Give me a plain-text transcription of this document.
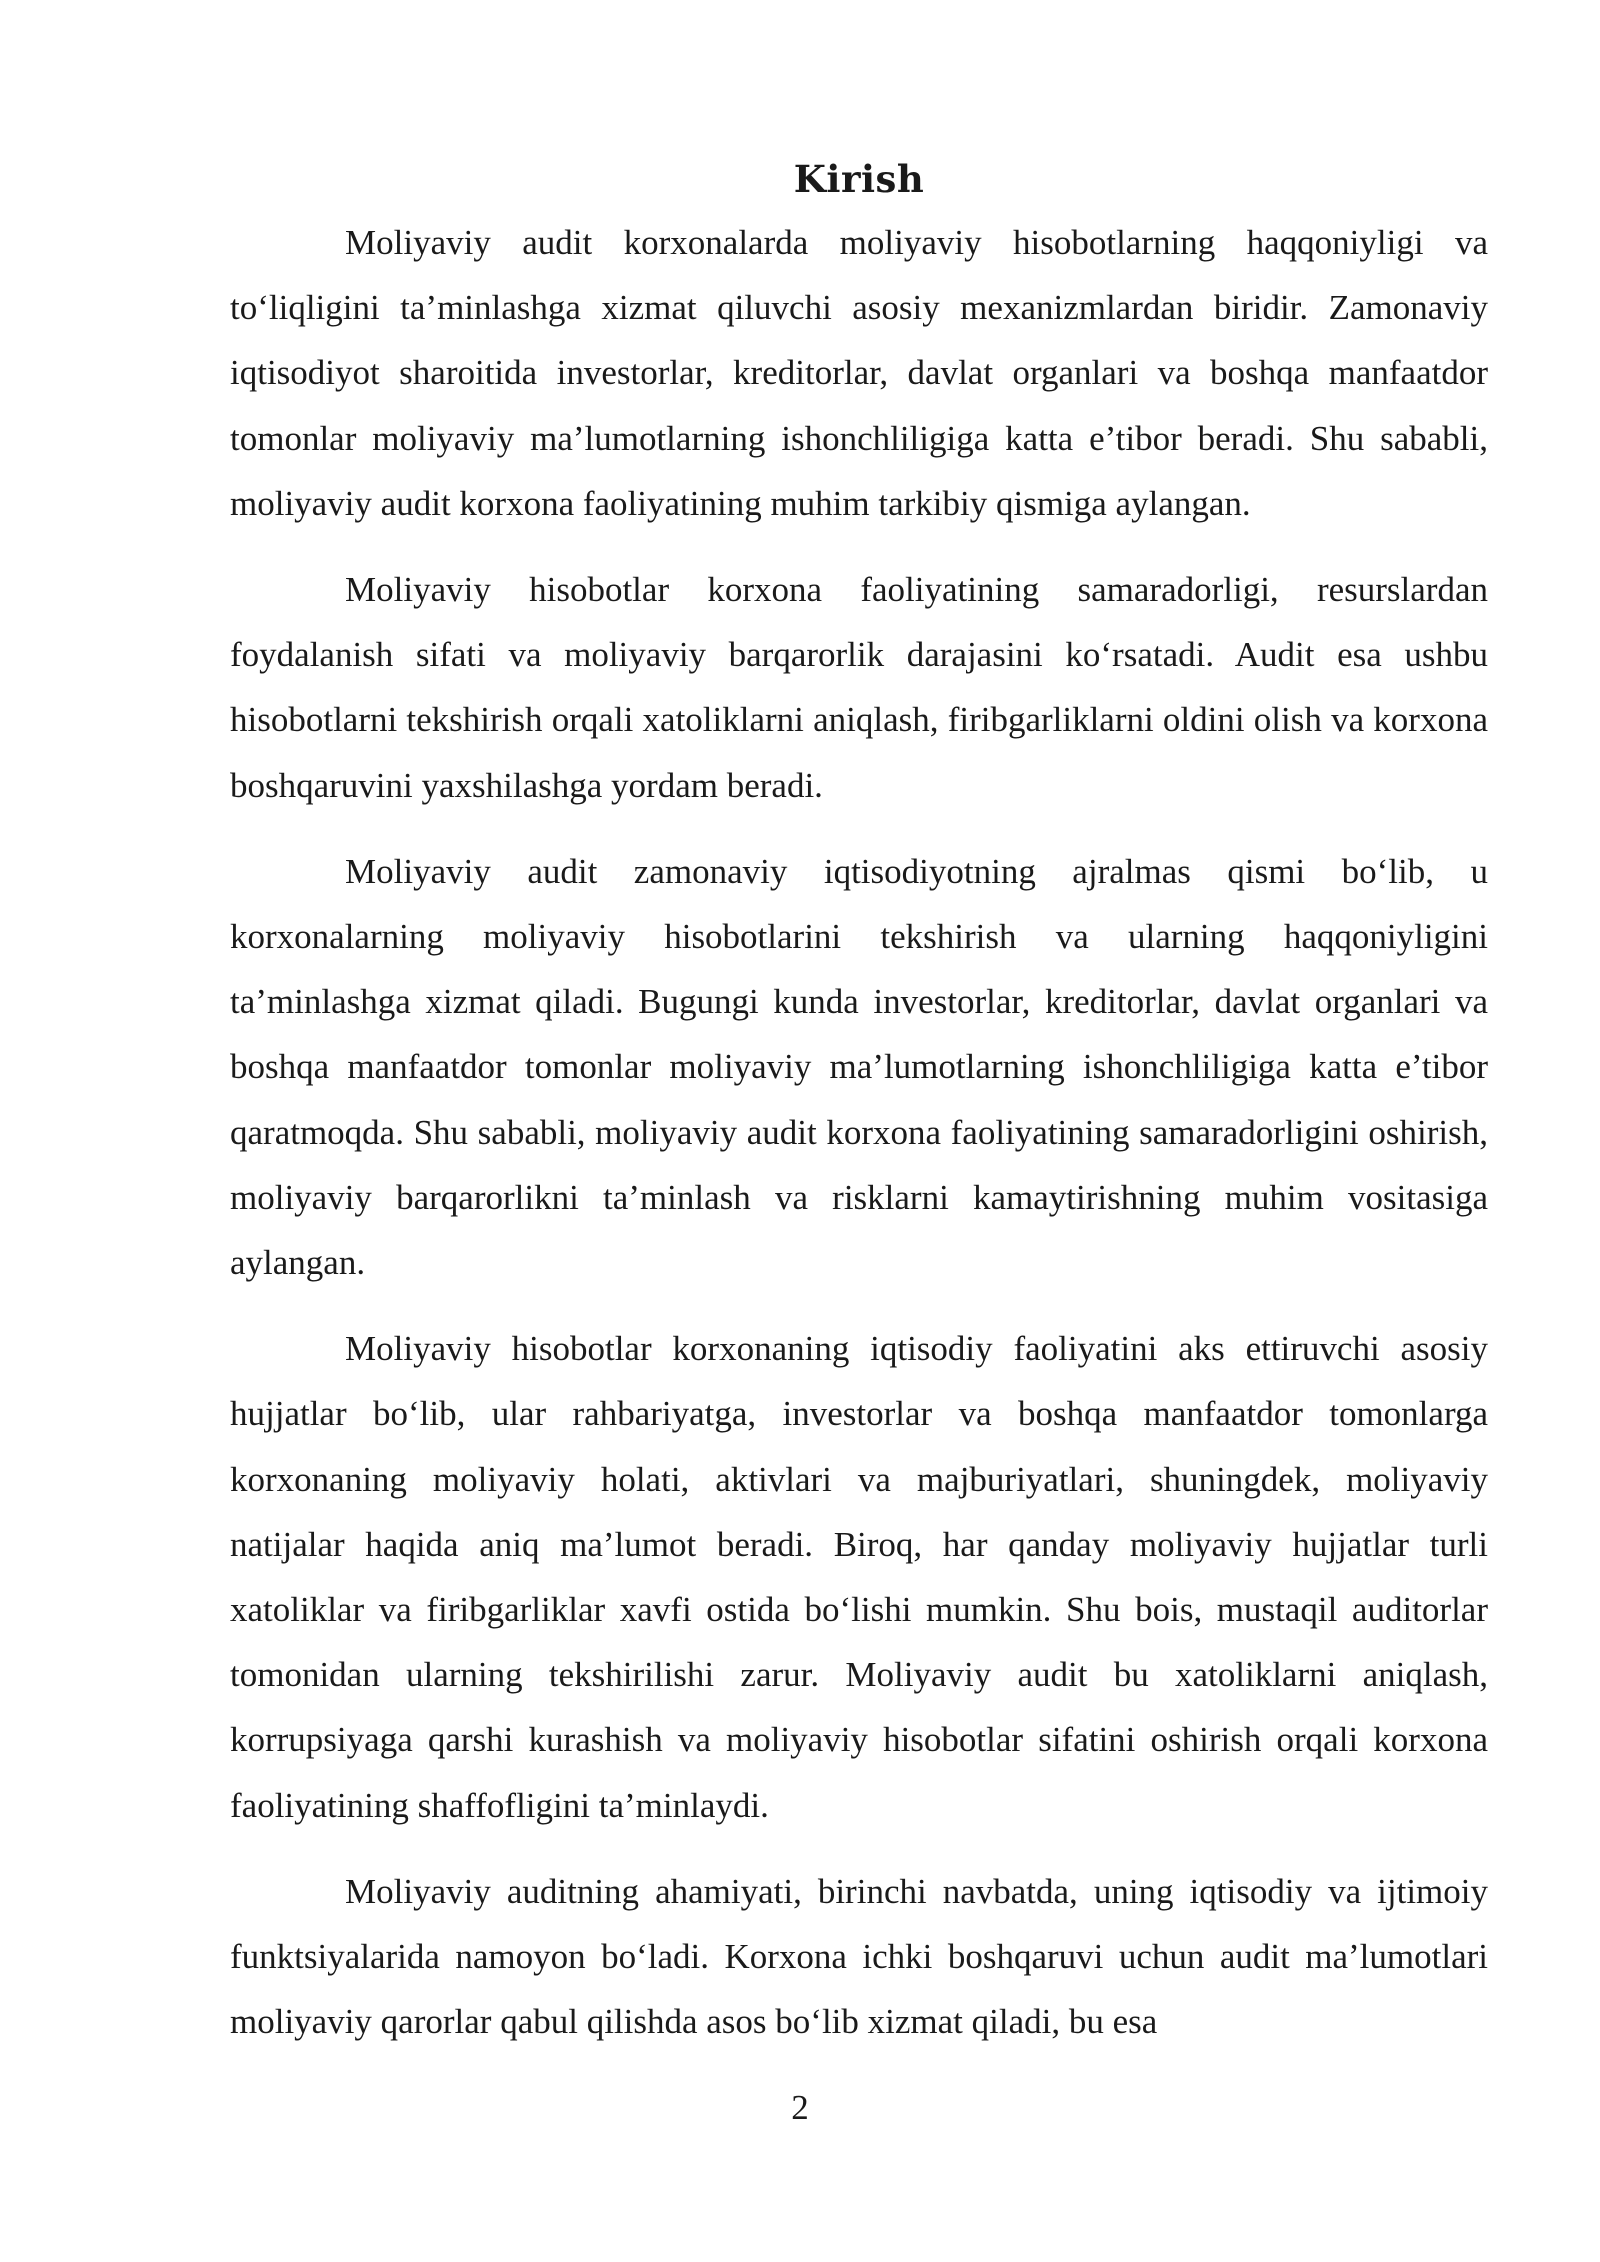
Kirish

Moliyaviy audit korxonalarda moliyaviy hisobotlarning haqqoniyligi va to‘liqligini ta’minlashga xizmat qiluvchi asosiy mexanizmlardan biridir. Zamonaviy iqtisodiyot sharoitida investorlar, kreditorlar, davlat organlari va boshqa manfaatdor tomonlar moliyaviy ma’lumotlarning ishonchliligiga katta e’tibor beradi. Shu sababli, moliyaviy audit korxona faoliyatining muhim tarkibiy qismiga aylangan.

Moliyaviy hisobotlar korxona faoliyatining samaradorligi, resurslardan foydalanish sifati va moliyaviy barqarorlik darajasini ko‘rsatadi. Audit esa ushbu hisobotlarni tekshirish orqali xatoliklarni aniqlash, firibgarliklarni oldini olish va korxona boshqaruvini yaxshilashga yordam beradi.

Moliyaviy audit zamonaviy iqtisodiyotning ajralmas qismi bo‘lib, u korxonalarning moliyaviy hisobotlarini tekshirish va ularning haqqoniyligini ta’minlashga xizmat qiladi. Bugungi kunda investorlar, kreditorlar, davlat organlari va boshqa manfaatdor tomonlar moliyaviy ma’lumotlarning ishonchliligiga katta e’tibor qaratmoqda. Shu sababli, moliyaviy audit korxona faoliyatining samaradorligini oshirish, moliyaviy barqarorlikni ta’minlash va risklarni kamaytirishning muhim vositasiga aylangan.

Moliyaviy hisobotlar korxonaning iqtisodiy faoliyatini aks ettiruvchi asosiy hujjatlar bo‘lib, ular rahbariyatga, investorlar va boshqa manfaatdor tomonlarga korxonaning moliyaviy holati, aktivlari va majburiyatlari, shuningdek, moliyaviy natijalar haqida aniq ma’lumot beradi. Biroq, har qanday moliyaviy hujjatlar turli xatoliklar va firibgarliklar xavfi ostida bo‘lishi mumkin. Shu bois, mustaqil auditorlar tomonidan ularning tekshirilishi zarur. Moliyaviy audit bu xatoliklarni aniqlash, korrupsiyaga qarshi kurashish va moliyaviy hisobotlar sifatini oshirish orqali korxona faoliyatining shaffofligini ta’minlaydi.

Moliyaviy auditning ahamiyati, birinchi navbatda, uning iqtisodiy va ijtimoiy funktsiyalarida namoyon bo‘ladi. Korxona ichki boshqaruvi uchun audit ma’lumotlari moliyaviy qarorlar qabul qilishda asos bo‘lib xizmat qiladi, bu esa

2
